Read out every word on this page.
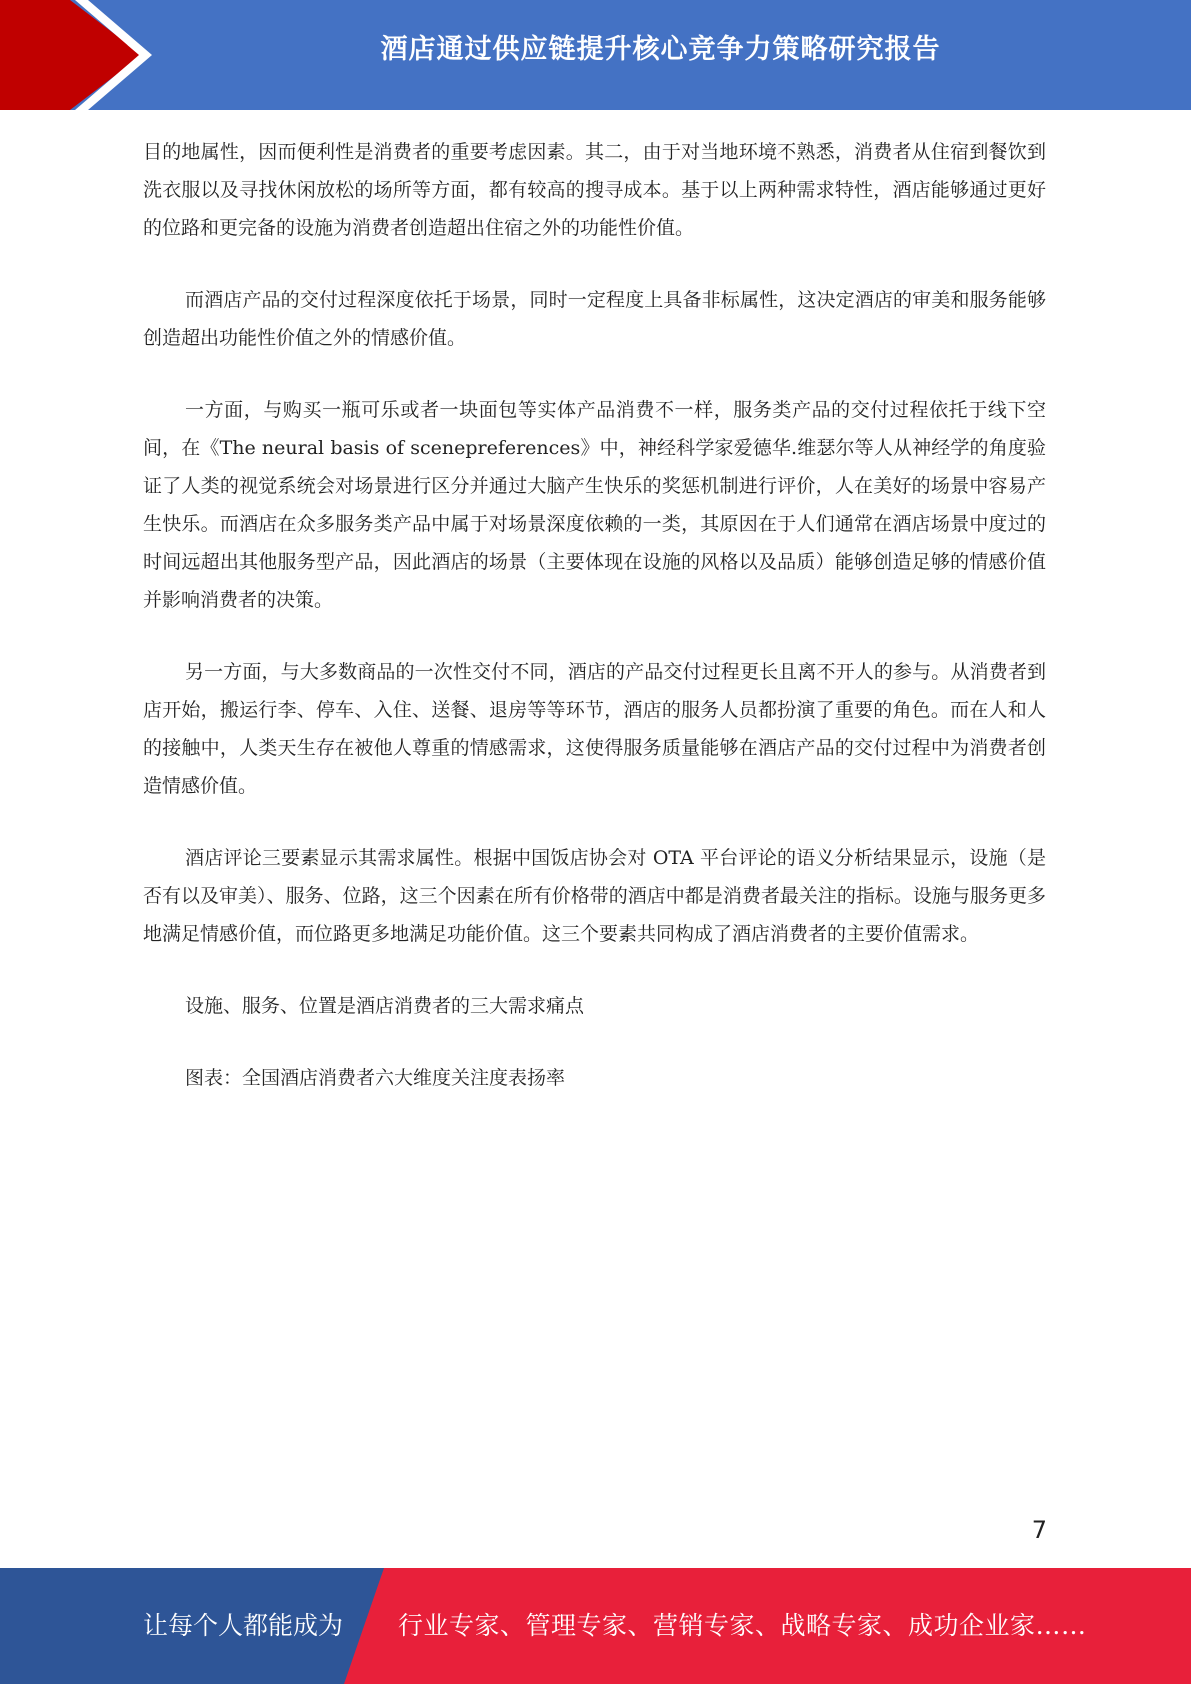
酒店通过供应链提升核心竞争力策略研究报告

目的地属性，因而便利性是消费者的重要考虑因素。其二，由于对当地环境不熟悉，消费者从住宿到餐饮到洗衣服以及寻找休闲放松的场所等方面，都有较高的搜寻成本。基于以上两种需求特性，酒店能够通过更好的位路和更完备的设施为消费者创造超出住宿之外的功能性价值。

而酒店产品的交付过程深度依托于场景，同时一定程度上具备非标属性，这决定酒店的审美和服务能够创造超出功能性价值之外的情感价值。

一方面，与购买一瓶可乐或者一块面包等实体产品消费不一样，服务类产品的交付过程依托于线下空间，在《The neural basis of scenepreferences》中，神经科学家爱德华.维瑟尔等人从神经学的角度验证了人类的视觉系统会对场景进行区分并通过大脑产生快乐的奖惩机制进行评价，人在美好的场景中容易产生快乐。而酒店在众多服务类产品中属于对场景深度依赖的一类，其原因在于人们通常在酒店场景中度过的时间远超出其他服务型产品，因此酒店的场景（主要体现在设施的风格以及品质）能够创造足够的情感价值并影响消费者的决策。

另一方面，与大多数商品的一次性交付不同，酒店的产品交付过程更长且离不开人的参与。从消费者到店开始，搬运行李、停车、入住、送餐、退房等等环节，酒店的服务人员都扮演了重要的角色。而在人和人的接触中，人类天生存在被他人尊重的情感需求，这使得服务质量能够在酒店产品的交付过程中为消费者创造情感价值。

酒店评论三要素显示其需求属性。根据中国饭店协会对 OTA 平台评论的语义分析结果显示，设施（是否有以及审美）、服务、位路，这三个因素在所有价格带的酒店中都是消费者最关注的指标。设施与服务更多地满足情感价值，而位路更多地满足功能价值。这三个要素共同构成了酒店消费者的主要价值需求。

设施、服务、位置是酒店消费者的三大需求痛点

图表：全国酒店消费者六大维度关注度表扬率

7
让每个人都能成为 行业专家、管理专家、营销专家、战略专家、成功企业家……
